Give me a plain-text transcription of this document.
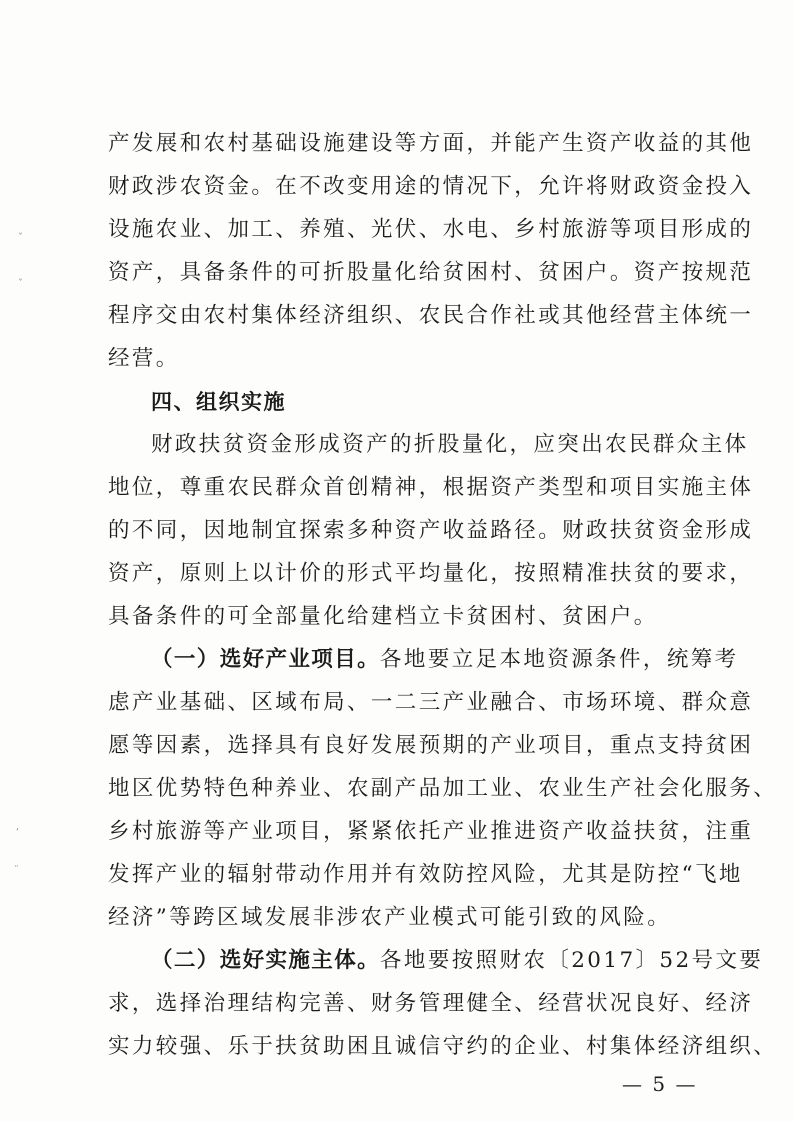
ˇ
ˇ
,
¨
产发展和农村基础设施建设等方面，并能产生资产收益的其他
财政涉农资金。在不改变用途的情况下，允许将财政资金投入
设施农业、加工、养殖、光伏、水电、乡村旅游等项目形成的
资产，具备条件的可折股量化给贫困村、贫困户。资产按规范
程序交由农村集体经济组织、农民合作社或其他经营主体统一
经营。
四、组织实施
财政扶贫资金形成资产的折股量化，应突出农民群众主体
地位，尊重农民群众首创精神，根据资产类型和项目实施主体
的不同，因地制宜探索多种资产收益路径。财政扶贫资金形成
资产，原则上以计价的形式平均量化，按照精准扶贫的要求，
具备条件的可全部量化给建档立卡贫困村、贫困户。
（一）选好产业项目。各地要立足本地资源条件，统筹考
虑产业基础、区域布局、一二三产业融合、市场环境、群众意
愿等因素，选择具有良好发展预期的产业项目，重点支持贫困
地区优势特色种养业、农副产品加工业、农业生产社会化服务、
乡村旅游等产业项目，紧紧依托产业推进资产收益扶贫，注重
发挥产业的辐射带动作用并有效防控风险，尤其是防控“飞地
经济”等跨区域发展非涉农产业模式可能引致的风险。
（二）选好实施主体。各地要按照财农〔2017〕52号文要
求，选择治理结构完善、财务管理健全、经营状况良好、经济
实力较强、乐于扶贫助困且诚信守约的企业、村集体经济组织、
— 5 —
